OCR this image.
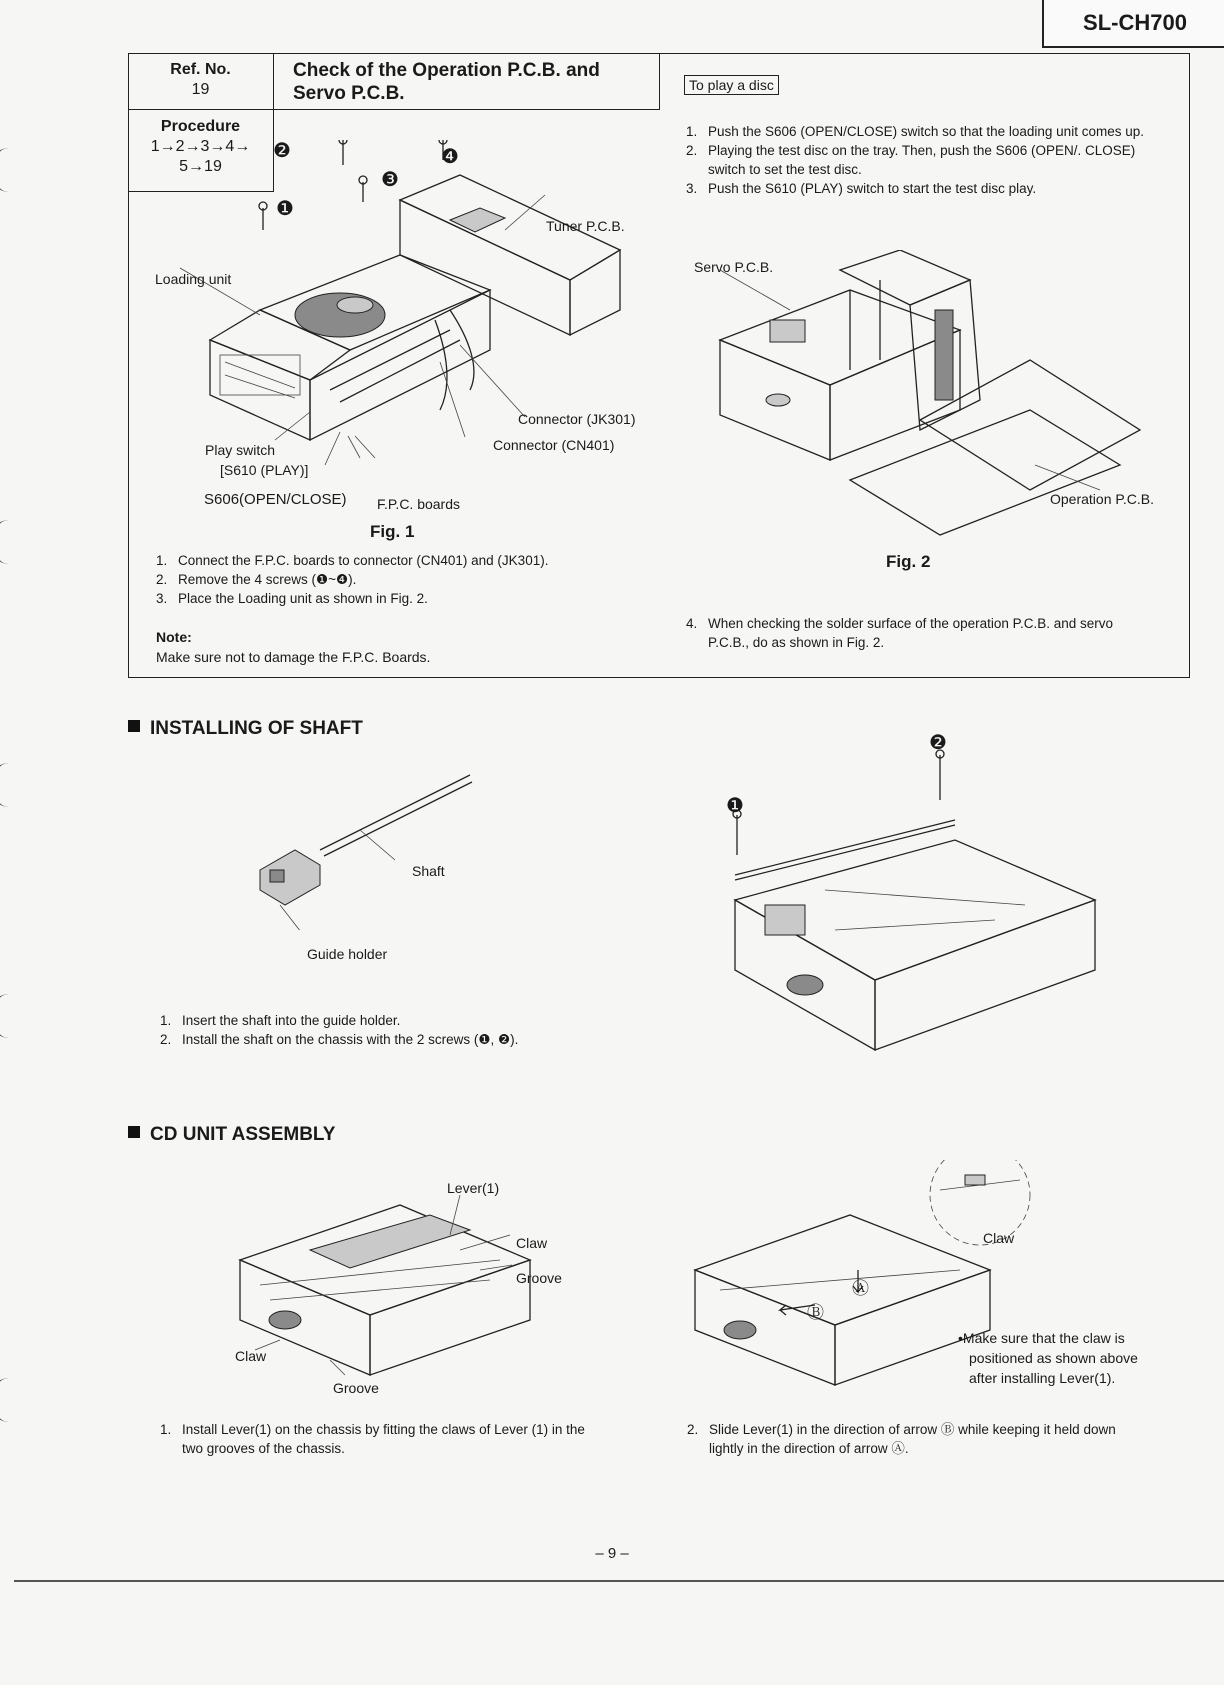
SL-CH700
Ref. No.
19
Check of the Operation P.C.B. and
Servo P.C.B.
Procedure
1→2→3→4→
5→19
❷	❹
❸
❶
Tuner P.C.B.
Loading unit
Connector (JK301)
Connector (CN401)
Play switch
[S610 (PLAY)]
S606(OPEN/CLOSE) F.P.C. boards
Fig. 1
1. Connect the F.P.C. boards to connector (CN401) and (JK301).
2. Remove the 4 screws (❶~❹).
3. Place the Loading unit as shown in Fig. 2.
Note:
Make sure not to damage the F.P.C. Boards.
To play a disc
1. Push the S606 (OPEN/CLOSE) switch so that the loading unit comes up.
2. Playing the test disc on the tray. Then, push the S606 (OPEN/. CLOSE) switch to set the test disc.
3. Push the S610 (PLAY) switch to start the test disc play.
Servo P.C.B.
Operation P.C.B.
Fig. 2
4. When checking the solder surface of the operation P.C.B. and servo P.C.B., do as shown in Fig. 2.
INSTALLING OF SHAFT
Shaft
Guide holder
1. Insert the shaft into the guide holder.
2. Install the shaft on the chassis with the 2 screws (❶, ❷).
❷
❶
CD UNIT ASSEMBLY
Lever(1)
Claw
Groove
Claw
Groove
Ⓐ
Ⓑ
Claw
•Make sure that the claw is
positioned as shown above
after installing Lever(1).
1. Install Lever(1) on the chassis by fitting the claws of Lever (1) in the two grooves of the chassis.
2. Slide Lever(1) in the direction of arrow Ⓑ while keeping it held down lightly in the direction of arrow Ⓐ.
– 9 –
